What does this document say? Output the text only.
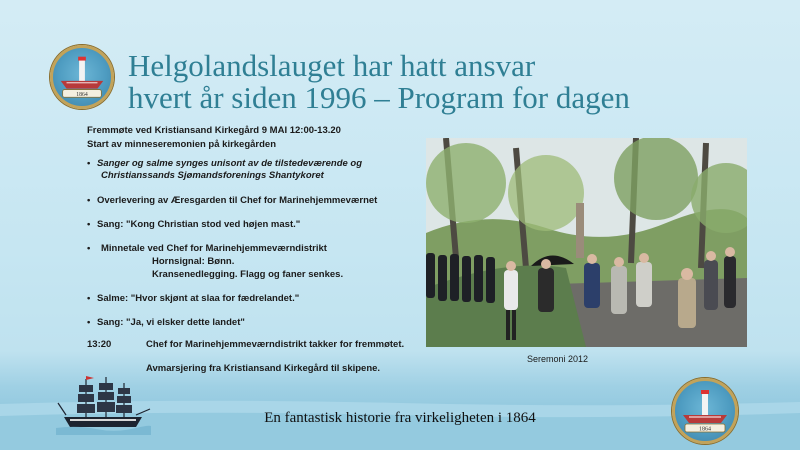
1864
Helgolandslauget har hatt ansvar
hvert år siden 1996 – Program for dagen
Fremmøte ved Kristiansand Kirkegård 9 MAI 12:00-13.20
Start av minneseremonien på kirkegården
• Sanger og salme synges unisont av de tilstedeværende og
Christianssands Sjømandsforenings Shantykoret
• Overlevering av Æresgarden til Chef for Marinehjemmeværnet
• Sang: "Kong Christian stod ved højen mast."
• Minnetale ved Chef for Marinehjemmeværndistrikt
Hornsignal: Bønn.
Kransenedlegging. Flagg og faner senkes.
• Salme: "Hvor skjønt at slaa for fædrelandet."
• Sang: "Ja, vi elsker dette landet"
13:20	Chef for Marinehjemmeværndistrikt takker for fremmøtet.
Avmarsjering fra Kristiansand Kirkegård til skipene.
Seremoni 2012
En fantastisk historie fra virkeligheten i 1864
1864
